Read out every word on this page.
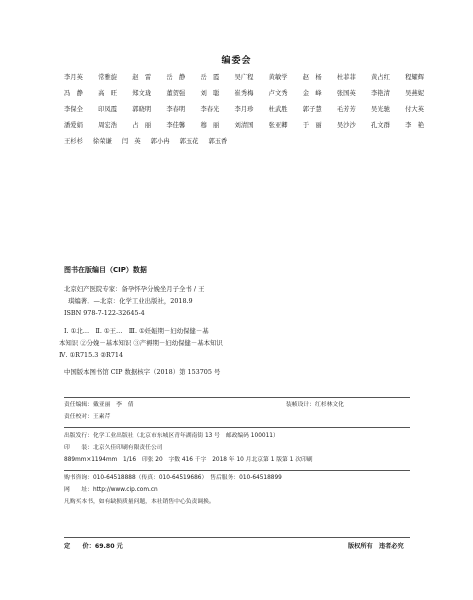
编委会
李月英 常雅旋 赵　雷 岳　静 岳　霞 吴广程 黄敏学 赵　杨 杜菲菲 黄占红 程耀辉
冯　静 高　旺 郑文珑 董贺强 刘　聪 崔秀梅 卢文秀 金　峰 张国英 李艳清 吴燕妮
李保全 印凤霞 郭晓明 李春明 李春光 李月珍 杜武胜 郭子慧 毛芳芳 吴光驰 付大英
潘爱娟 周宏浩 占　丽 李佳馨 穆　丽 刘清国 张亚卿 于　丽 吴沙沙 孔文群 李　艳
王杉杉 徐荣谦 闫　英 郭小冉 郭玉花 郭玉香
图书在版编目（CIP）数据
北京妇产医院专家：备孕怀孕分娩坐月子全书 / 王
琪编著．—北京：化学工业出版社，2018.9
ISBN 978-7-122-32645-4
Ⅰ. ①北…　Ⅱ. ①王…　Ⅲ. ①妊娠期－妇幼保健－基
本知识 ②分娩－基本知识 ③产褥期－妇幼保健－基本知识
Ⅳ. ①R715.3 ②R714
中国版本图书馆 CIP 数据核字（2018）第 153705 号
责任编辑：戴亚丽　李　倩	装帧设计：红杉林文化
责任校对：王素芹
出版发行：化学工业出版社（北京市东城区青年湖南街 13 号　邮政编码 100011）
印　　装：北京久佳印刷有限责任公司
889mm×1194mm　1/16　印张 20　字数 416 千字　2018 年 10 月北京第 1 版第 1 次印刷
购书咨询：010-64518888（传真：010-64519686）　售后服务：010-64518899
网　　址：http://www.cip.com.cn
凡购买本书，如有缺损质量问题，本社销售中心负责调换。
定　　价：69.80 元	版权所有　违者必究
